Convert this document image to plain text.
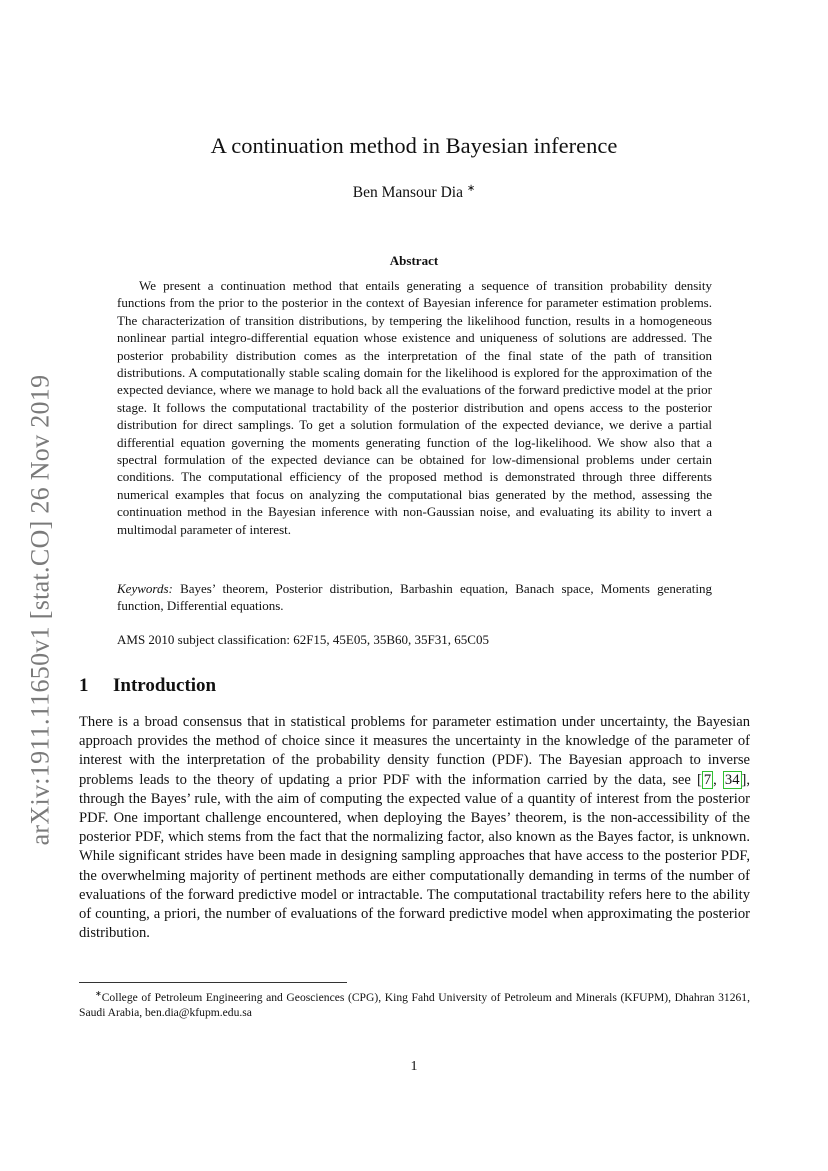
arXiv:1911.11650v1 [stat.CO] 26 Nov 2019
A continuation method in Bayesian inference
Ben Mansour Dia ∗
Abstract

We present a continuation method that entails generating a sequence of transition probability density functions from the prior to the posterior in the context of Bayesian inference for parameter estimation problems. The characterization of transition distributions, by tempering the likelihood function, results in a homogeneous nonlinear partial integro-differential equation whose existence and uniqueness of solutions are addressed. The posterior probability distribution comes as the interpretation of the final state of the path of transition distributions. A computationally stable scaling domain for the likelihood is explored for the approximation of the expected deviance, where we manage to hold back all the evaluations of the forward predictive model at the prior stage. It follows the computational tractability of the posterior distribution and opens access to the posterior distribution for direct samplings. To get a solution formulation of the expected deviance, we derive a partial differential equation governing the moments generating function of the log-likelihood. We show also that a spectral formulation of the expected deviance can be obtained for low-dimensional problems under certain conditions. The computational efficiency of the proposed method is demonstrated through three differents numerical examples that focus on analyzing the computational bias generated by the method, assessing the continuation method in the Bayesian inference with non-Gaussian noise, and evaluating its ability to invert a multimodal parameter of interest.

Keywords: Bayes’ theorem, Posterior distribution, Barbashin equation, Banach space, Moments generating function, Differential equations.

AMS 2010 subject classification: 62F15, 45E05, 35B60, 35F31, 65C05

1 Introduction

There is a broad consensus that in statistical problems for parameter estimation under uncertainty, the Bayesian approach provides the method of choice since it measures the uncertainty in the knowledge of the parameter of interest with the interpretation of the probability density function (PDF). The Bayesian approach to inverse problems leads to the theory of updating a prior PDF with the information carried by the data, see [ 7 , 34 ], through the Bayes’ rule, with the aim of computing the expected value of a quantity of interest from the posterior PDF. One important challenge encountered, when deploying the Bayes’ theorem, is the non-accessibility of the posterior PDF, which stems from the fact that the normalizing factor, also known as the Bayes factor, is unknown. While significant strides have been made in designing sampling approaches that have access to the posterior PDF, the overwhelming majority of pertinent methods are either computationally demanding in terms of the number of evaluations of the forward predictive model or intractable. The computational tractability refers here to the ability of counting, a priori, the number of evaluations of the forward predictive model when approximating the posterior distribution.

∗College of Petroleum Engineering and Geosciences (CPG), King Fahd University of Petroleum and Minerals (KFUPM), Dhahran 31261, Saudi Arabia, ben.dia@kfupm.edu.sa

1
